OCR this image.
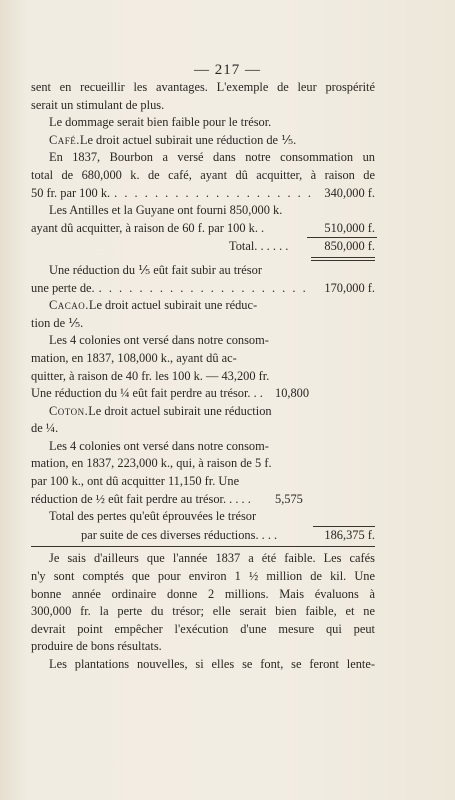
— 217 —
sent en recueillir les avantages. L'exemple de leur prospérité
serait un stimulant de plus.
Le dommage serait bien faible pour le trésor.
Café. Le droit actuel subirait une réduction de ⅕.
En 1837, Bourbon a versé dans notre consommation un
total de 680,000 k. de café, ayant dû acquitter, à raison de
50 fr. par 100 k. . . .	340,000 f.
Les Antilles et la Guyane ont fourni 850,000 k.
ayant dû acquitter, à raison de 60 f. par 100 k. .	510,000 f.
Total. . . . . .	850,000 f.
Une réduction du ⅕ eût fait subir au trésor
une perte de. . . .	170,000 f.
Cacao. Le droit actuel subirait une réduc-
tion de ⅕.
Les 4 colonies ont versé dans notre consom-
mation, en 1837, 108,000 k., ayant dû ac-
quitter, à raison de 40 fr. les 100 k. — 43,200 fr.
Une réduction du ¼ eût fait perdre au trésor. . . 10,800
Coton. Le droit actuel subirait une réduction
de ¼.
Les 4 colonies ont versé dans notre consom-
mation, en 1837, 223,000 k., qui, à raison de 5 f.
par 100 k., ont dû acquitter 11,150 fr. Une
réduction de ½ eût fait perdre au trésor. . . . . 5,575
Total des pertes qu'eût éprouvées le trésor
par suite de ces diverses réductions. . . .	186,375 f.
Je sais d'ailleurs que l'année 1837 a été faible. Les cafés
n'y sont comptés que pour environ 1 ½ million de kil. Une
bonne année ordinaire donne 2 millions. Mais évaluons à
300,000 fr. la perte du trésor; elle serait bien faible, et ne
devrait point empêcher l'exécution d'une mesure qui peut
produire de bons résultats.
Les plantations nouvelles, si elles se font, se feront lente-
